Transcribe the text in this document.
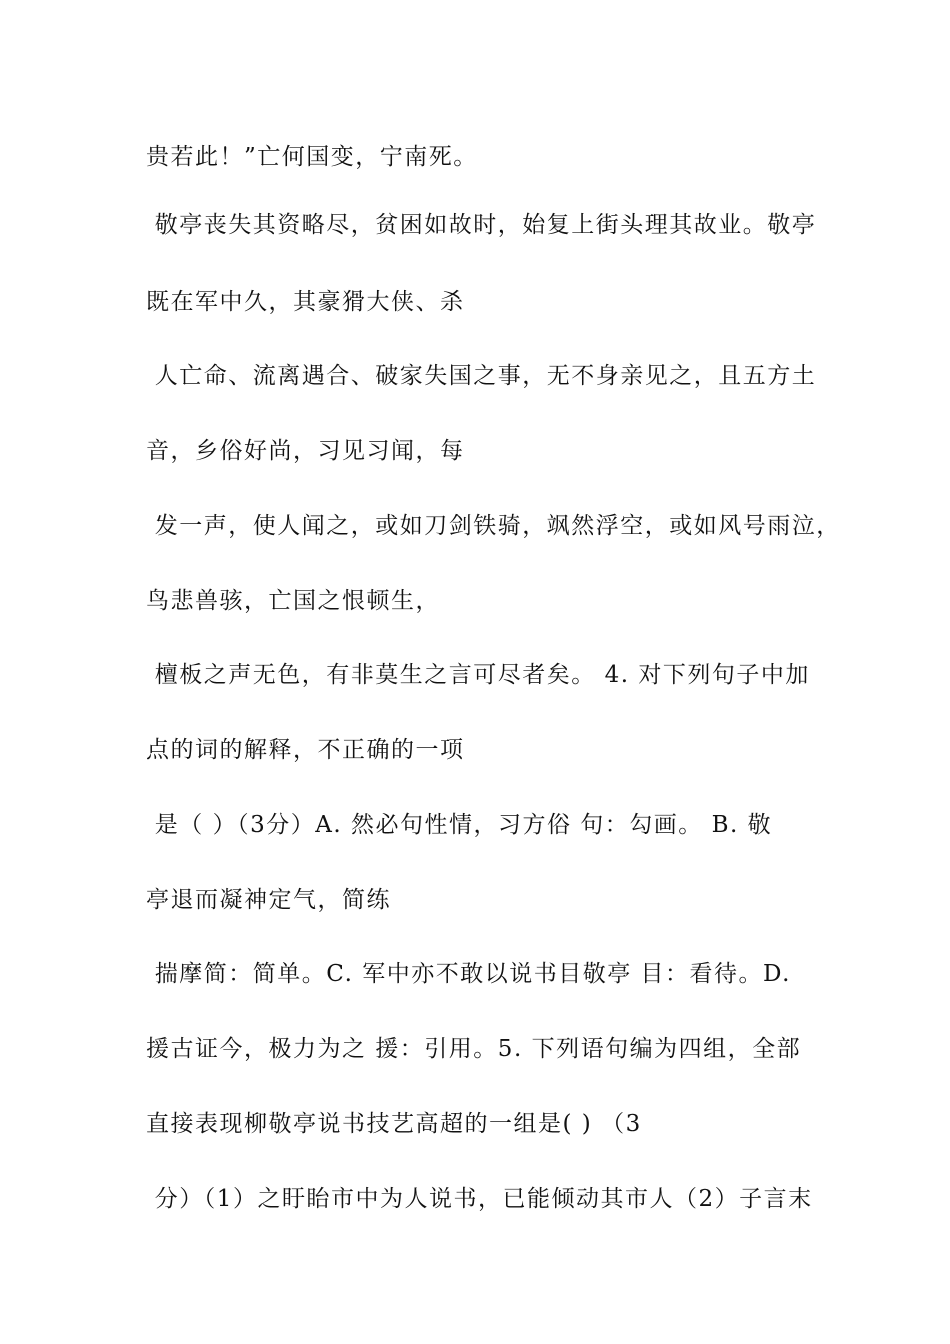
贵若此！”亡何国变，宁南死。
敬亭丧失其资略尽，贫困如故时，始复上街头理其故业。敬亭
既在军中久，其豪猾大侠、杀
人亡命、流离遇合、破家失国之事，无不身亲见之，且五方土
音，乡俗好尚，习见习闻，每
发一声，使人闻之，或如刀剑铁骑，飒然浮空，或如风号雨泣，
鸟悲兽骇，亡国之恨顿生，
檀板之声无色，有非莫生之言可尽者矣。 4. 对下列句子中加
点的词的解释，不正确的一项
是（ ）（3分）A. 然必句性情，习方俗 句：勾画。 B. 敬
亭退而凝神定气，简练
揣摩简：简单。C. 军中亦不敢以说书目敬亭 目：看待。D.
援古证今，极力为之 援：引用。5. 下列语句编为四组，全部
直接表现柳敬亭说书技艺高超的一组是( ) （3
分）（1）之盱眙市中为人说书，已能倾动其市人（2）子言末
